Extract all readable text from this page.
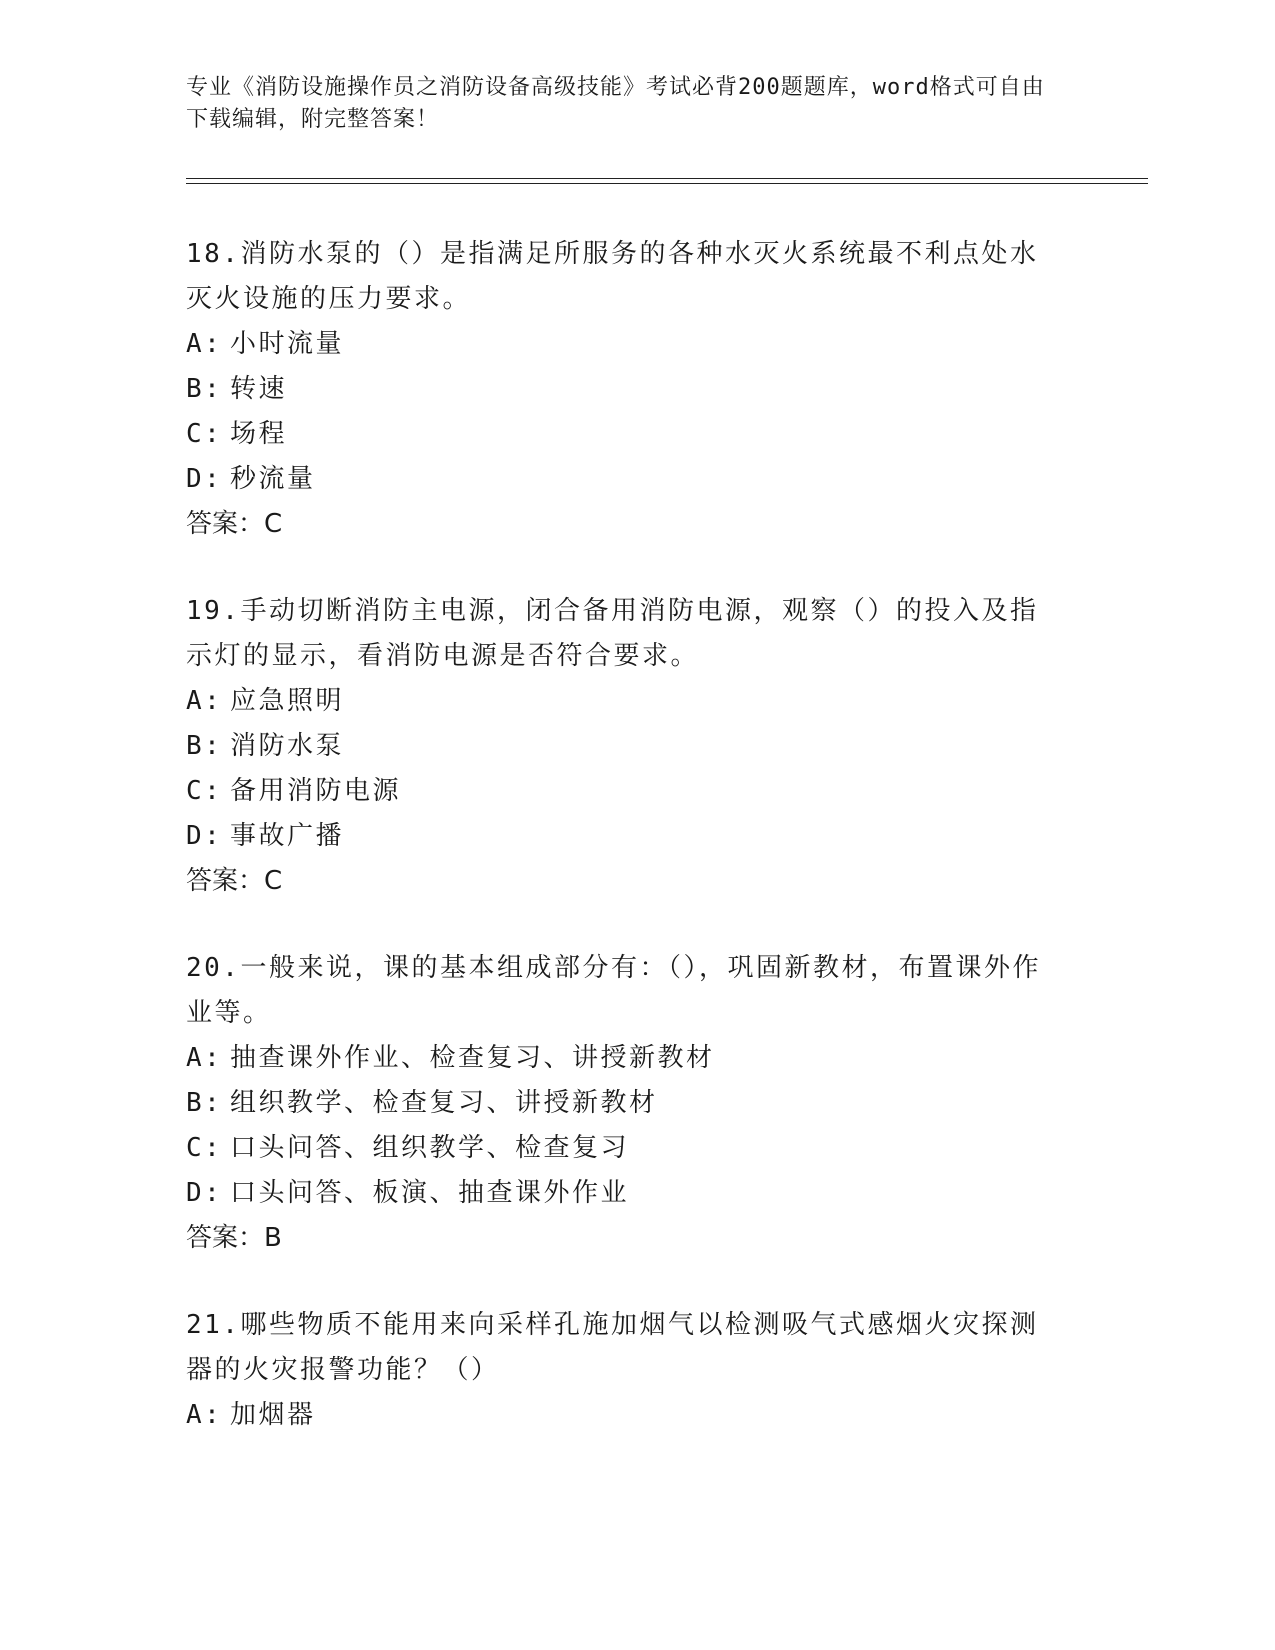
专业《消防设施操作员之消防设备高级技能》考试必背200题题库，word格式可自由下载编辑，附完整答案！

18.消防水泵的（）是指满足所服务的各种水灭火系统最不利点处水灭火设施的压力要求。

A: 小时流量

B: 转速

C: 场程

D: 秒流量

答案：C

19.手动切断消防主电源，闭合备用消防电源，观察（）的投入及指示灯的显示，看消防电源是否符合要求。

A: 应急照明

B: 消防水泵

C: 备用消防电源

D: 事故广播

答案：C

20.一般来说，课的基本组成部分有：（），巩固新教材，布置课外作业等。

A: 抽查课外作业、检查复习、讲授新教材

B: 组织教学、检查复习、讲授新教材

C: 口头问答、组织教学、检查复习

D: 口头问答、板演、抽查课外作业

答案：B

21.哪些物质不能用来向采样孔施加烟气以检测吸气式感烟火灾探测器的火灾报警功能？（）

A: 加烟器
